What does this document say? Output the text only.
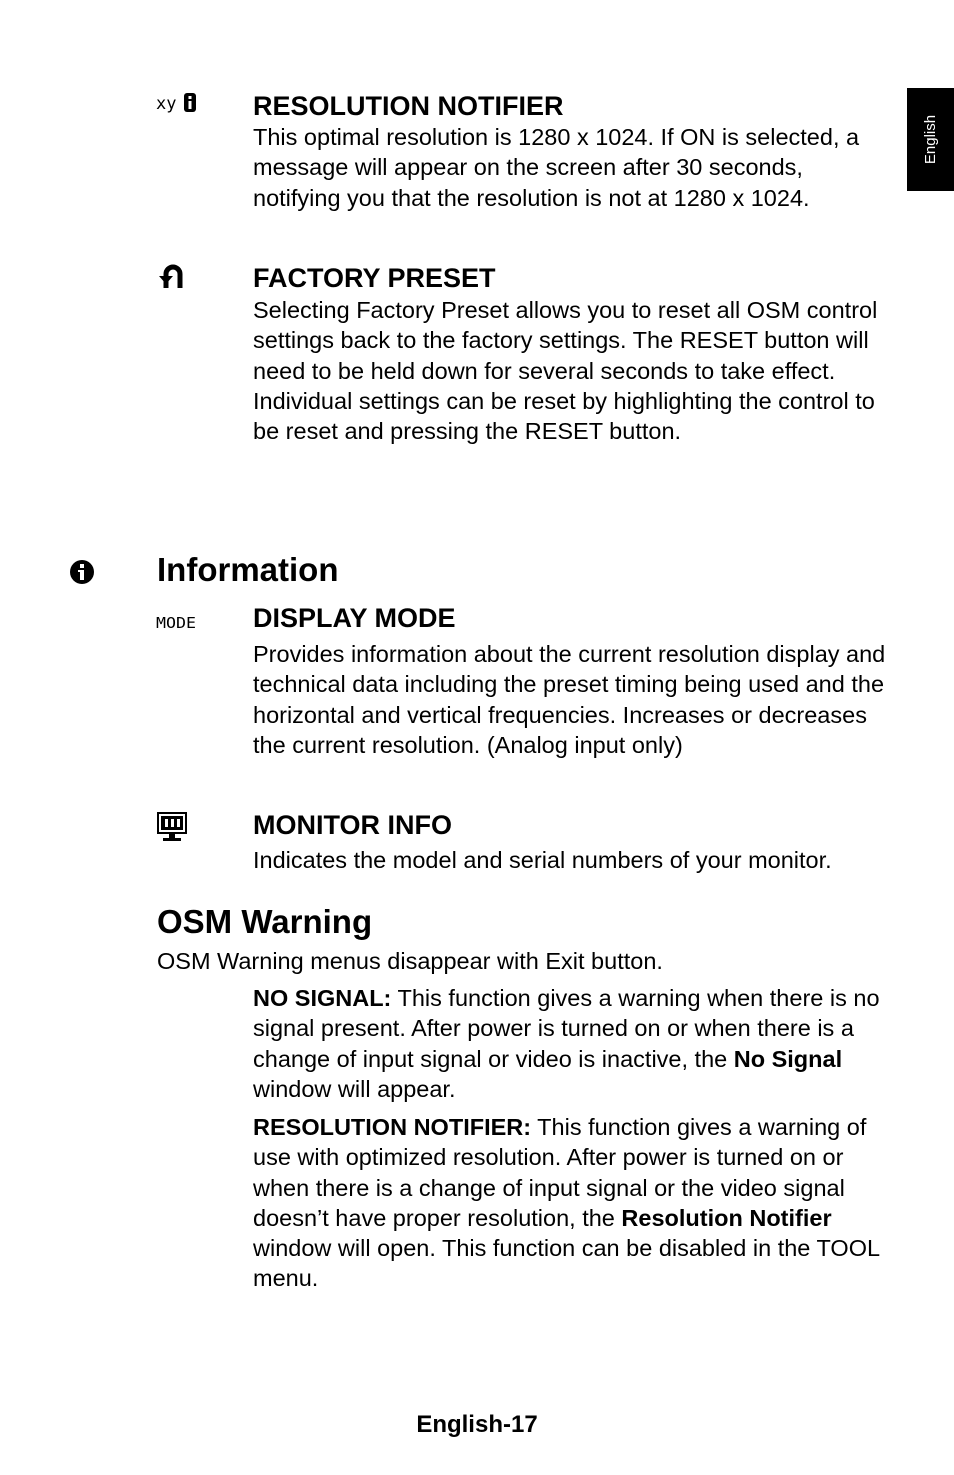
English
xy	RESOLUTION NOTIFIER

This optimal resolution is 1280 x 1024. If ON is selected, a message will appear on the screen after 30 seconds, notifying you that the resolution is not at 1280 x 1024.

FACTORY PRESET

Selecting Factory Preset allows you to reset all OSM control settings back to the factory settings. The RESET button will need to be held down for several seconds to take effect. Individual settings can be reset by highlighting the control to be reset and pressing the RESET button.

Information
MODE DISPLAY MODE

Provides information about the current resolution display and technical data including the preset timing being used and the horizontal and vertical frequencies. Increases or decreases the current resolution. (Analog input only)

MONITOR INFO

Indicates the model and serial numbers of your monitor.

OSM Warning

OSM Warning menus disappear with Exit button.

NO SIGNAL: This function gives a warning when there is no signal present. After power is turned on or when there is a change of input signal or video is inactive, the No Signal window will appear.

RESOLUTION NOTIFIER: This function gives a warning of use with optimized resolution. After power is turned on or when there is a change of input signal or the video signal doesn’t have proper resolution, the Resolution Notifier window will open. This function can be disabled in the TOOL menu.

English-17
